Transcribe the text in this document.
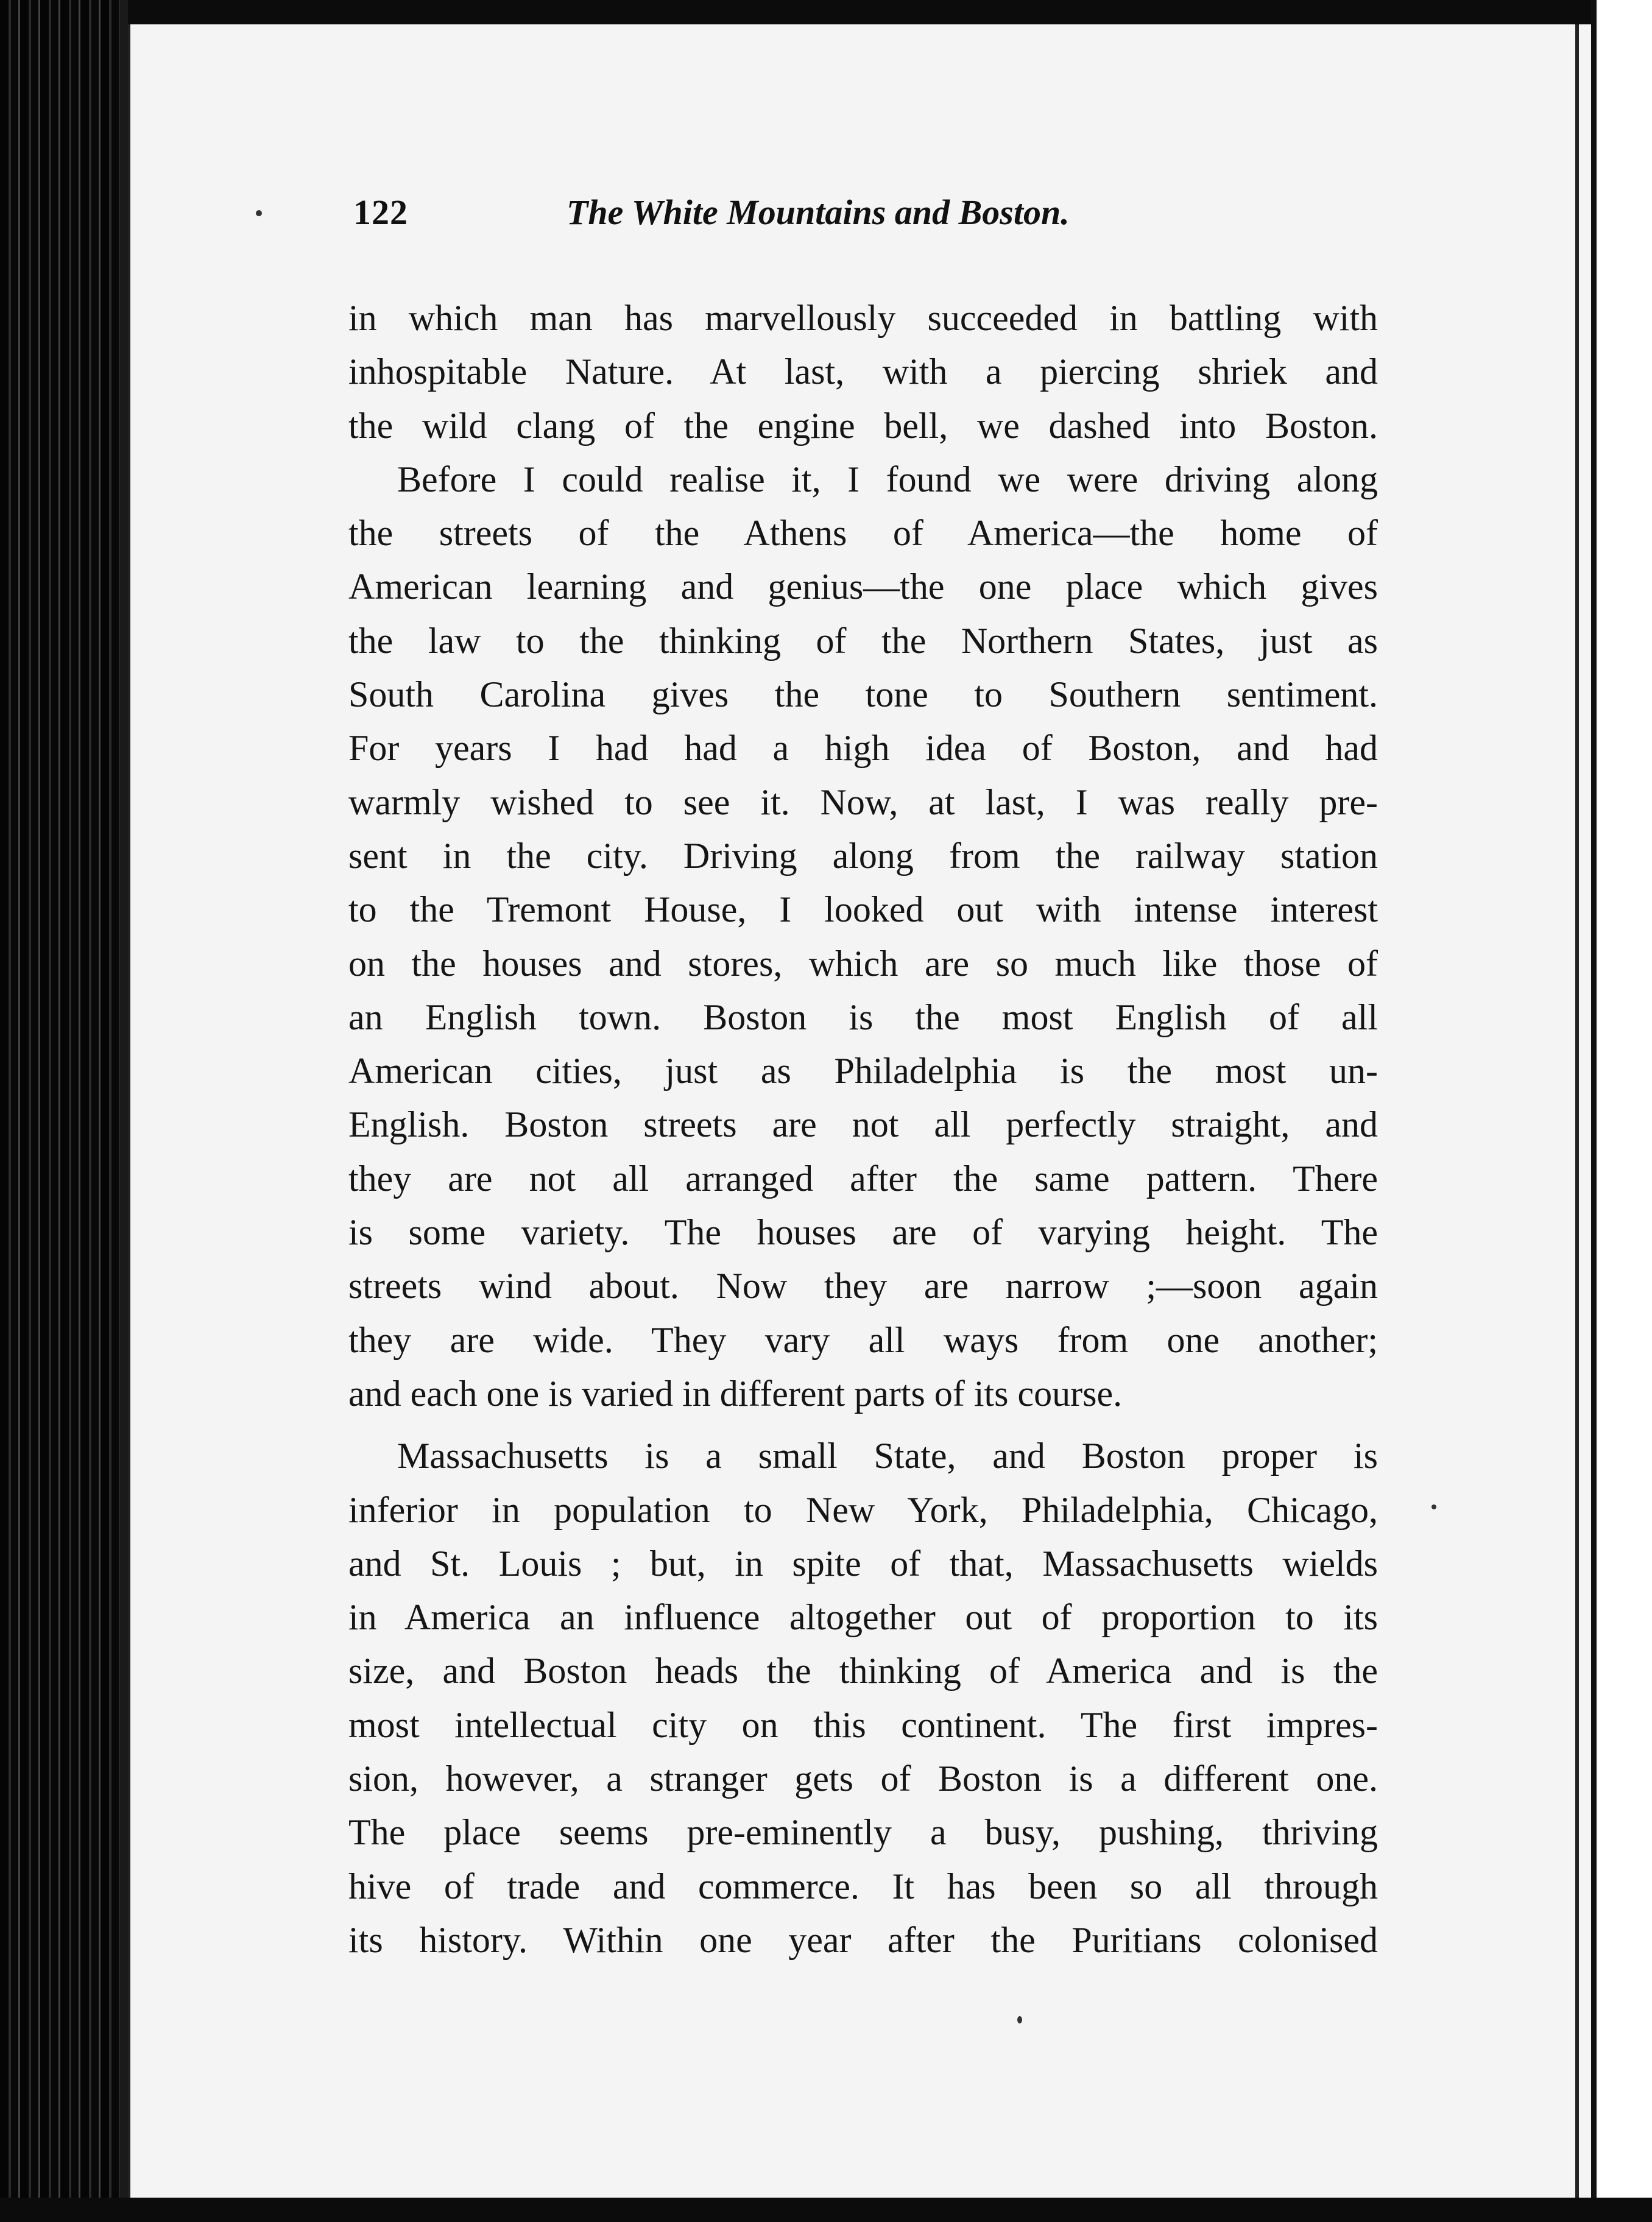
122	The White Mountains and Boston.
in which man has marvellously succeeded in battling with
inhospitable Nature. At last, with a piercing shriek and
the wild clang of the engine bell, we dashed into Boston.
Before I could realise it, I found we were driving along
the streets of the Athens of America—the home of
American learning and genius—the one place which gives
the law to the thinking of the Northern States, just as
South Carolina gives the tone to Southern sentiment.
For years I had had a high idea of Boston, and had
warmly wished to see it. Now, at last, I was really pre-
sent in the city. Driving along from the railway station
to the Tremont House, I looked out with intense interest
on the houses and stores, which are so much like those of
an English town. Boston is the most English of all
American cities, just as Philadelphia is the most un-
English. Boston streets are not all perfectly straight, and
they are not all arranged after the same pattern. There
is some variety. The houses are of varying height. The
streets wind about. Now they are narrow ;—soon again
they are wide. They vary all ways from one another;
and each one is varied in different parts of its course.
Massachusetts is a small State, and Boston proper is
inferior in population to New York, Philadelphia, Chicago,
and St. Louis ; but, in spite of that, Massachusetts wields
in America an influence altogether out of proportion to its
size, and Boston heads the thinking of America and is the
most intellectual city on this continent. The first impres-
sion, however, a stranger gets of Boston is a different one.
The place seems pre-eminently a busy, pushing, thriving
hive of trade and commerce. It has been so all through
its history. Within one year after the Puritians colonised
